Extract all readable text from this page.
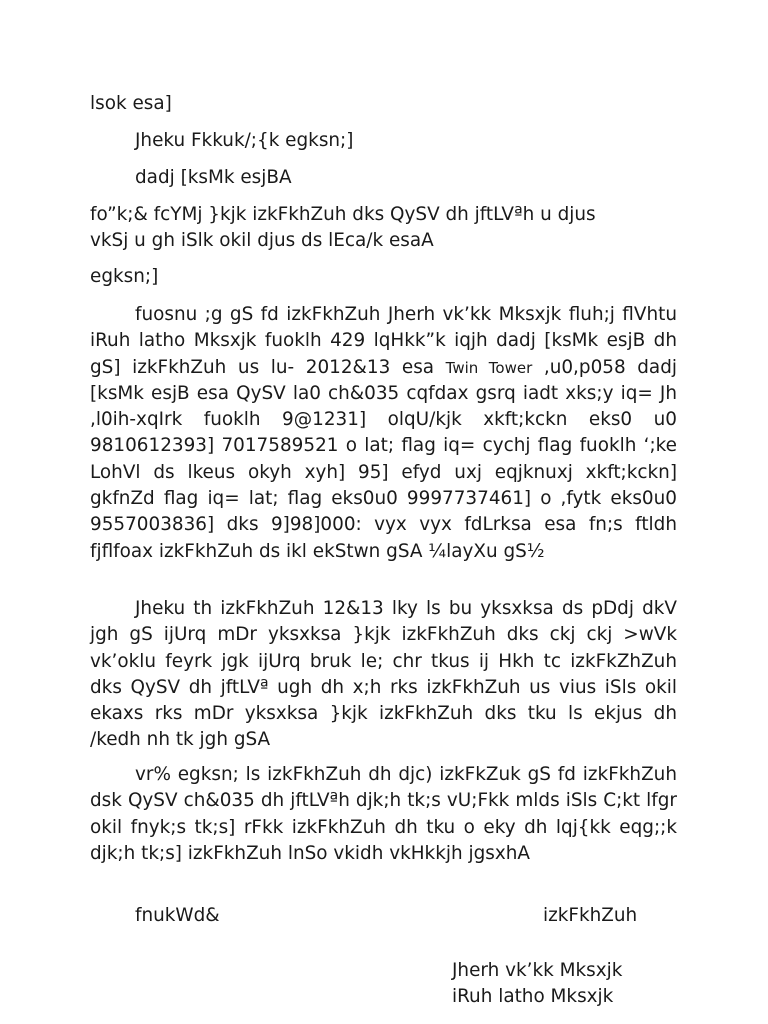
lsok esa]
Jheku Fkkuk/;{k egksn;]
dadj [ksMk esjBA
fo”k;& fcYMj }kjk izkFkhZuh dks QySV dh jftLVªh u djus
vkSj u gh iSlk okil djus ds lEca/k esaA
egksn;]
fuosnu ;g gS fd izkFkhZuh Jherh vk’kk Mksxjk fluh;j flVhtu iRuh latho Mksxjk fuoklh 429 lqHkk”k iqjh dadj [ksMk esjB dh gS] izkFkhZuh us lu- 2012&13 esa Twin Tower ,u0,p058 dadj [ksMk esjB esa QySV la0 ch&035 cqfdax gsrq iadt xks;y iq= Jh ,l0ih-xqIrk fuoklh 9@1231] olqU/kjk xkft;kckn eks0 u0 9810612393] 7017589521 o lat; flag iq= cychj flag fuoklh ‘;ke LohVl ds lkeus okyh xyh] 95] efyd uxj eqjknuxj xkft;kckn] gkfnZd flag iq= lat; flag eks0u0 9997737461] o ,fytk eks0u0 9557003836] dks 9]98]000: vyx vyx fdLrksa esa fn;s ftldh fjflfoax izkFkhZuh ds ikl ekStwn gSA ¼layXu gS½
Jheku th izkFkhZuh 12&13 lky ls bu yksxksa ds pDdj dkV jgh gS ijUrq mDr yksxksa }kjk izkFkhZuh dks ckj ckj >wVk vk’oklu feyrk jgk ijUrq bruk le; chr tkus ij Hkh tc izkFkZhZuh dks QySV dh jftLVª ugh dh x;h rks izkFkhZuh us vius iSls okil ekaxs rks mDr yksxksa }kjk izkFkhZuh dks tku ls ekjus dh /kedh nh tk jgh gSA
vr% egksn; ls izkFkhZuh dh djc) izkFkZuk gS fd izkFkhZuh dsk QySV ch&035 dh jftLVªh djk;h tk;s vU;Fkk mlds iSls C;kt lfgr okil fnyk;s tk;s] rFkk izkFkhZuh dh tku o eky dh lqj{kk eqg;;k djk;h tk;s] izkFkhZuh lnSo vkidh vkHkkjh jgsxhA
fnukWd&	izkFkhZuh
Jherh vk’kk Mksxjk
iRuh latho Mksxjk
